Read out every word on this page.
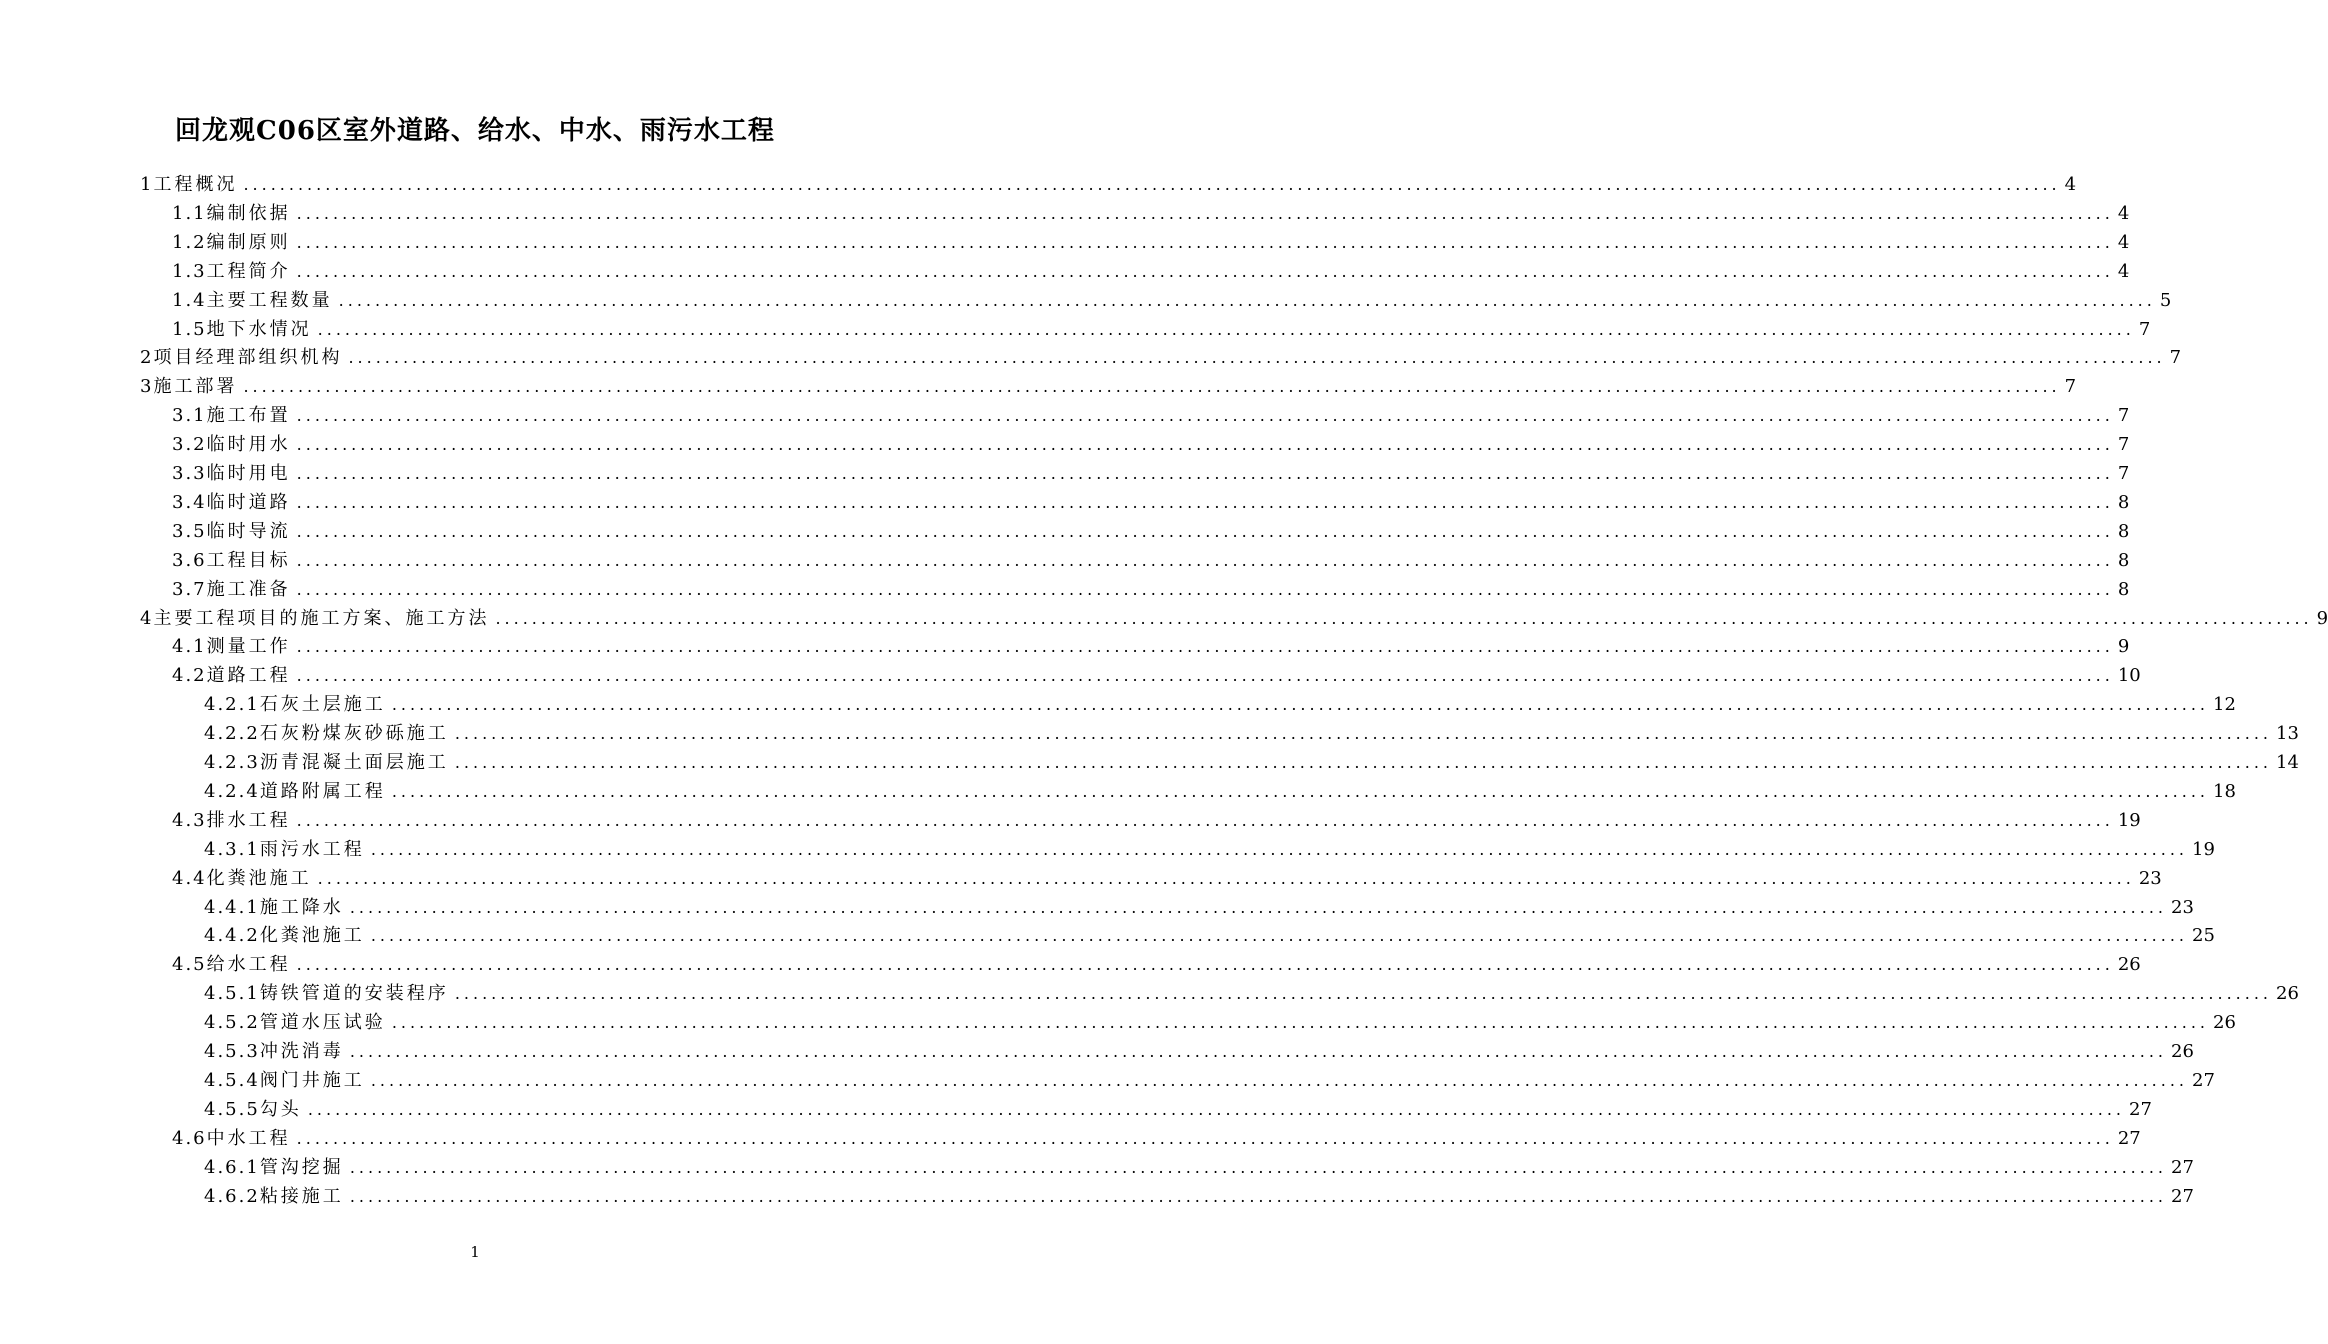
回龙观C06区室外道路、给水、中水、雨污水工程
1 工程概况 ........................................................................................................................................................................................................ 4
1.1 编制依据 ........................................................................................................................................................................................................ 4
1.2 编制原则 ........................................................................................................................................................................................................ 4
1.3 工程简介 ........................................................................................................................................................................................................ 4
1.4 主要工程数量 ........................................................................................................................................................................................................ 5
1.5 地下水情况 ........................................................................................................................................................................................................ 7
2 项目经理部组织机构 ........................................................................................................................................................................................................ 7
3 施工部署 ........................................................................................................................................................................................................ 7
3.1 施工布置 ........................................................................................................................................................................................................ 7
3.2 临时用水 ........................................................................................................................................................................................................ 7
3.3 临时用电 ........................................................................................................................................................................................................ 7
3.4 临时道路 ........................................................................................................................................................................................................ 8
3.5 临时导流 ........................................................................................................................................................................................................ 8
3.6 工程目标 ........................................................................................................................................................................................................ 8
3.7 施工准备 ........................................................................................................................................................................................................ 8
4 主要工程项目的施工方案、施工方法 ........................................................................................................................................................................................................ 9
4.1 测量工作 ........................................................................................................................................................................................................ 9
4.2 道路工程 ........................................................................................................................................................................................................ 10
4.2.1 石灰土层施工 ........................................................................................................................................................................................................ 12
4.2.2 石灰粉煤灰砂砾施工 ........................................................................................................................................................................................................ 13
4.2.3 沥青混凝土面层施工 ........................................................................................................................................................................................................ 14
4.2.4 道路附属工程 ........................................................................................................................................................................................................ 18
4.3 排水工程 ........................................................................................................................................................................................................ 19
4.3.1 雨污水工程 ........................................................................................................................................................................................................ 19
4.4 化粪池施工 ........................................................................................................................................................................................................ 23
4.4.1 施工降水 ........................................................................................................................................................................................................ 23
4.4.2 化粪池施工 ........................................................................................................................................................................................................ 25
4.5 给水工程 ........................................................................................................................................................................................................ 26
4.5.1 铸铁管道的安装程序 ........................................................................................................................................................................................................ 26
4.5.2 管道水压试验 ........................................................................................................................................................................................................ 26
4.5.3 冲洗消毒 ........................................................................................................................................................................................................ 26
4.5.4 阀门井施工 ........................................................................................................................................................................................................ 27
4.5.5 勾头 ........................................................................................................................................................................................................ 27
4.6 中水工程 ........................................................................................................................................................................................................ 27
4.6.1 管沟挖掘 ........................................................................................................................................................................................................ 27
4.6.2 粘接施工 ........................................................................................................................................................................................................ 27
1
